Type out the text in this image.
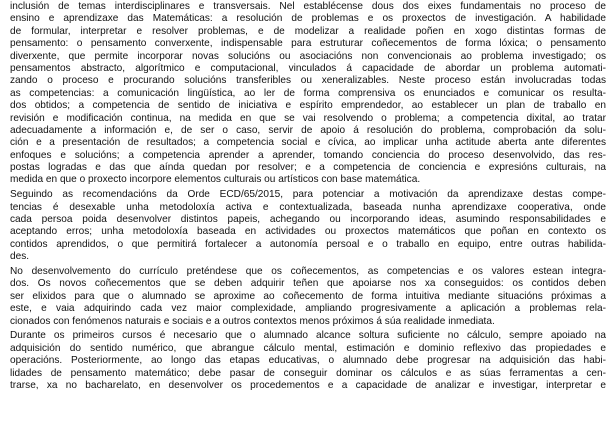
inclusión de temas interdisciplinares e transversais. Nel establécense dous dos eixes fundamentais no proceso de
ensino e aprendizaxe das Matemáticas: a resolución de problemas e os proxectos de investigación. A habilidade
de formular, interpretar e resolver problemas, e de modelizar a realidade poñen en xogo distintas formas de
pensamento: o pensamento converxente, indispensable para estruturar coñecementos de forma lóxica; o pensamento
diverxente, que permite incorporar novas solucións ou asociacións non convencionais ao problema investigado; os
pensamentos abstracto, algorítmico e computacional, vinculados á capacidade de abordar un problema automati-
zando o proceso e procurando solucións transferibles ou xeneralizables. Neste proceso están involucradas todas
as competencias: a comunicación lingüística, ao ler de forma comprensiva os enunciados e comunicar os resulta-
dos obtidos; a competencia de sentido de iniciativa e espírito emprendedor, ao establecer un plan de traballo en
revisión e modificación continua, na medida en que se vai resolvendo o problema; a competencia dixital, ao tratar
adecuadamente a información e, de ser o caso, servir de apoio á resolución do problema, comprobación da solu-
ción e a presentación de resultados; a competencia social e cívica, ao implicar unha actitude aberta ante diferentes
enfoques e solucións; a competencia aprender a aprender, tomando conciencia do proceso desenvolvido, das res-
postas logradas e das que aínda quedan por resolver; e a competencia de conciencia e expresións culturais, na
medida en que o proxecto incorpore elementos culturais ou artísticos con base matemática.
Seguindo as recomendacións da Orde ECD/65/2015, para potenciar a motivación da aprendizaxe destas compe-
tencias é desexable unha metodoloxía activa e contextualizada, baseada nunha aprendizaxe cooperativa, onde
cada persoa poida desenvolver distintos papeis, achegando ou incorporando ideas, asumindo responsabilidades e
aceptando erros; unha metodoloxía baseada en actividades ou proxectos matemáticos que poñan en contexto os
contidos aprendidos, o que permitirá fortalecer a autonomía persoal e o traballo en equipo, entre outras habilida-
des.
No desenvolvemento do currículo preténdese que os coñecementos, as competencias e os valores estean integra-
dos. Os novos coñecementos que se deben adquirir teñen que apoiarse nos xa conseguidos: os contidos deben
ser elixidos para que o alumnado se aproxime ao coñecemento de forma intuitiva mediante situacións próximas a
este, e vaia adquirindo cada vez maior complexidade, ampliando progresivamente a aplicación a problemas rela-
cionados con fenómenos naturais e sociais e a outros contextos menos próximos á súa realidade inmediata.
Durante os primeiros cursos é necesario que o alumnado alcance soltura suficiente no cálculo, sempre apoiado na
adquisición do sentido numérico, que abrangue cálculo mental, estimación e dominio reflexivo das propiedades e
operacións. Posteriormente, ao longo das etapas educativas, o alumnado debe progresar na adquisición das habi-
lidades de pensamento matemático; debe pasar de conseguir dominar os cálculos e as súas ferramentas a cen-
trarse, xa no bacharelato, en desenvolver os procedementos e a capacidade de analizar e investigar, interpretar e
